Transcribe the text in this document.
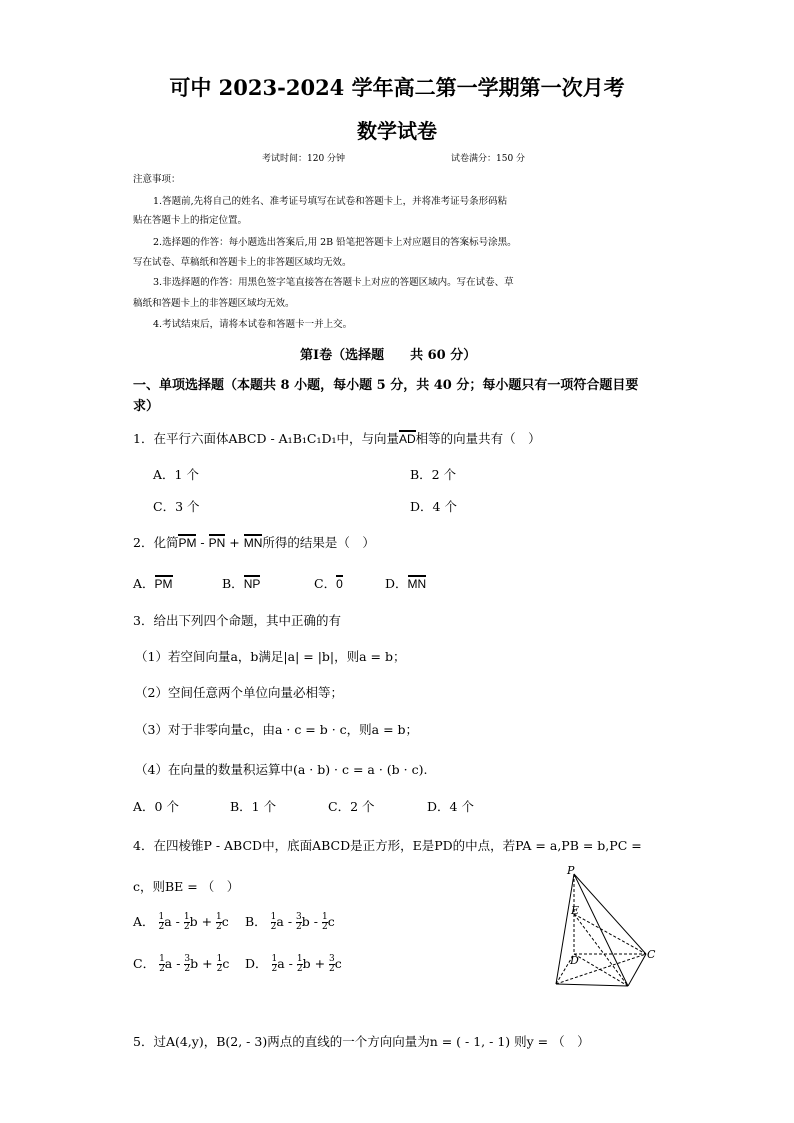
可中 2023-2024 学年高二第一学期第一次月考
数学试卷
考试时间：120 分钟	试卷满分：150 分
注意事项：
1.答题前,先将自己的姓名、准考证号填写在试卷和答题卡上，并将准考证号条形码粘
贴在答题卡上的指定位置。
2.选择题的作答：每小题选出答案后,用 2B 铅笔把答题卡上对应题目的答案标号涂黑。
写在试卷、草稿纸和答题卡上的非答题区域均无效。
3.非选择题的作答：用黑色签字笔直接答在答题卡上对应的答题区域内。写在试卷、草
稿纸和答题卡上的非答题区域均无效。
4.考试结束后，请将本试卷和答题卡一并上交。
第Ⅰ卷（选择题　　共 60 分）
一、单项选择题（本题共 8 小题，每小题 5 分，共 40 分；每小题只有一项符合题目要
求）
1．在平行六面体ABCD - A₁B₁C₁D₁中，与向量AD相等的向量共有（　）
A．1 个	B．2 个
C．3 个	D．4 个
2．化简PM - PN + MN所得的结果是（　）
A．PM	B．NP	C．0	D．MN
3．给出下列四个命题，其中正确的有
（1）若空间向量a，b满足|a| = |b|，则a = b；
（2）空间任意两个单位向量必相等；
（3）对于非零向量c，由a · c = b · c，则a = b；
（4）在向量的数量积运算中(a · b) · c = a · (b · c).
A．0 个	B．1 个	C．2 个	D．4 个
4．在四棱锥P - ABCD中，底面ABCD是正方形，E是PD的中点，若PA = a,PB = b,PC =
c，则BE = （　）
A． $\frac{1}{2}$ a - $\frac{1}{2}$ $b + \frac{1}{2}$ c B． $\frac{1}{2}$ a - $\frac{3}{2}$ b - $\frac{1}{2}$ c
C． $\frac{1}{2}$ a - $\frac{3}{2}$ $b + \frac{1}{2}$ c D． $\frac{1}{2}$ a - $\frac{1}{2}$ $b + \frac{3}{2}$ c
P
E
D	C
5．过A(4,y)，B(2, - 3)两点的直线的一个方向向量为n = ( - 1, - 1) 则y = （　）
